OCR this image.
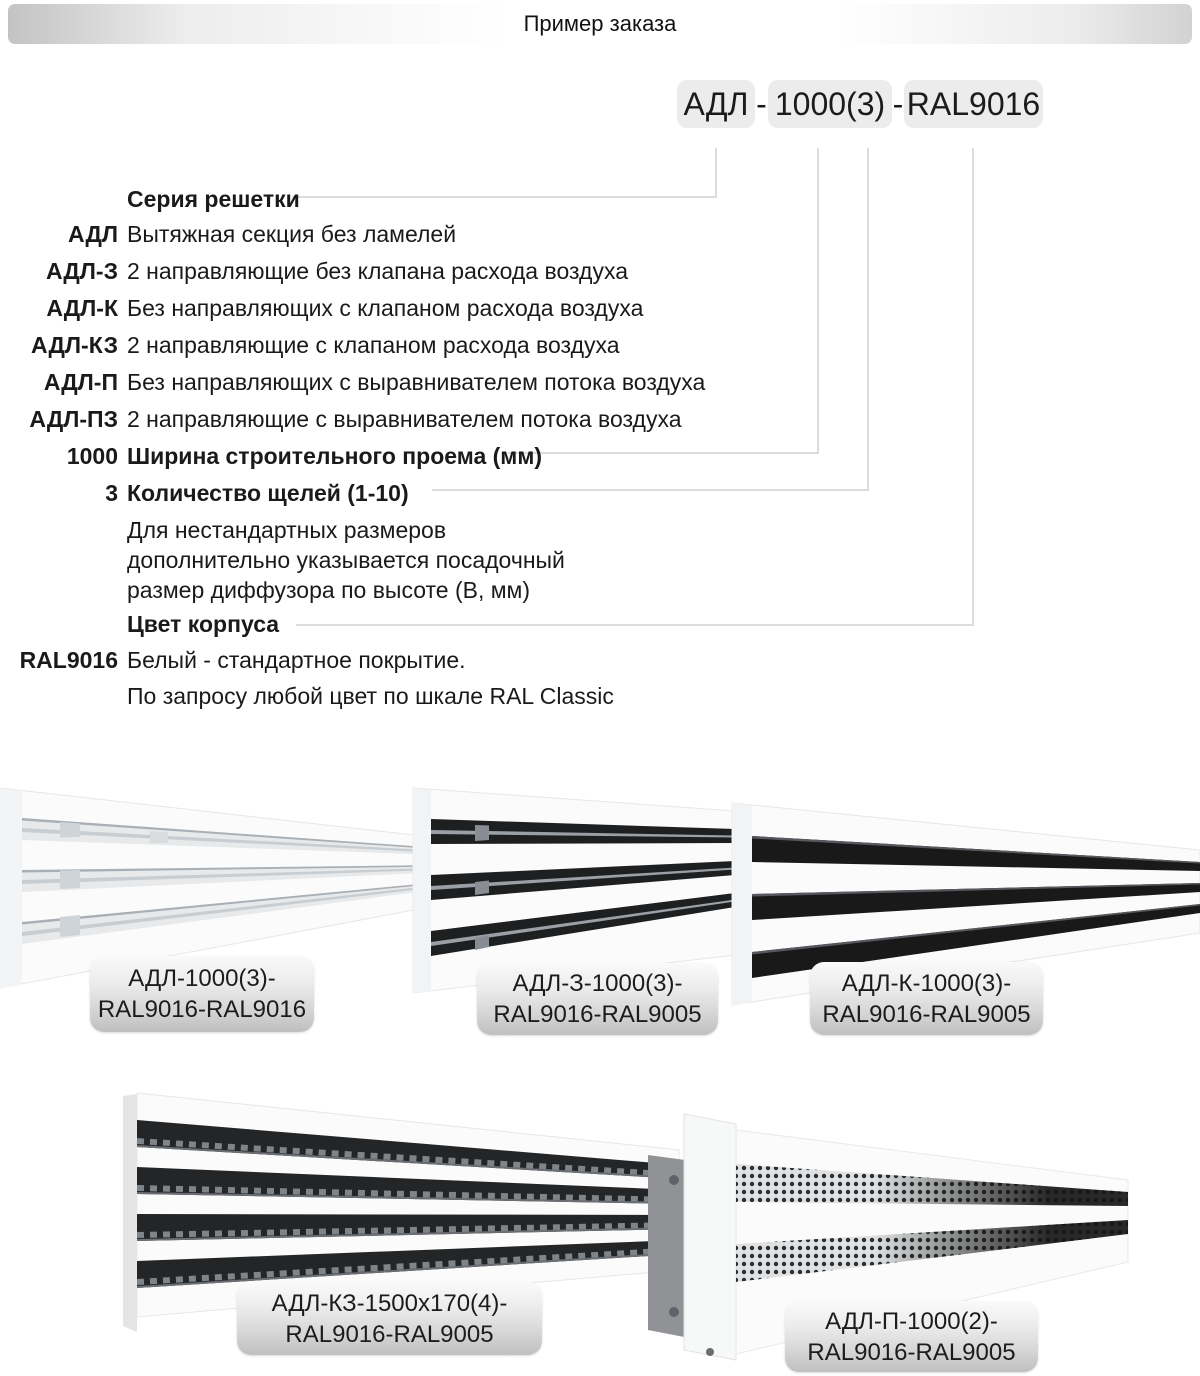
Пример заказа
АДЛ - 1000(3) - RAL9016
Серия решетки
АДЛ Вытяжная секция без ламелей
АДЛ-З 2 направляющие без клапана расхода воздуха
АДЛ-К Без направляющих с клапаном расхода воздуха
АДЛ-КЗ 2 направляющие с клапаном расхода воздуха
АДЛ-П Без направляющих с выравнивателем потока воздуха
АДЛ-ПЗ 2 направляющие с выравнивателем потока воздуха
1000 Ширина строительного проема (мм)
3 Количество щелей (1-10)
Для нестандартных размеров
дополнительно указывается посадочный
размер диффузора по высоте (В, мм)
Цвет корпуса
RAL9016 Белый - стандартное покрытие.
По запросу любой цвет по шкале RAL Classic
АДЛ-1000(3)-
RAL9016-RAL9016
АДЛ-З-1000(3)-
RAL9016-RAL9005
АДЛ-К-1000(3)-
RAL9016-RAL9005
АДЛ-КЗ-1500х170(4)-
RAL9016-RAL9005	АДЛ-П-1000(2)-
RAL9016-RAL9005
